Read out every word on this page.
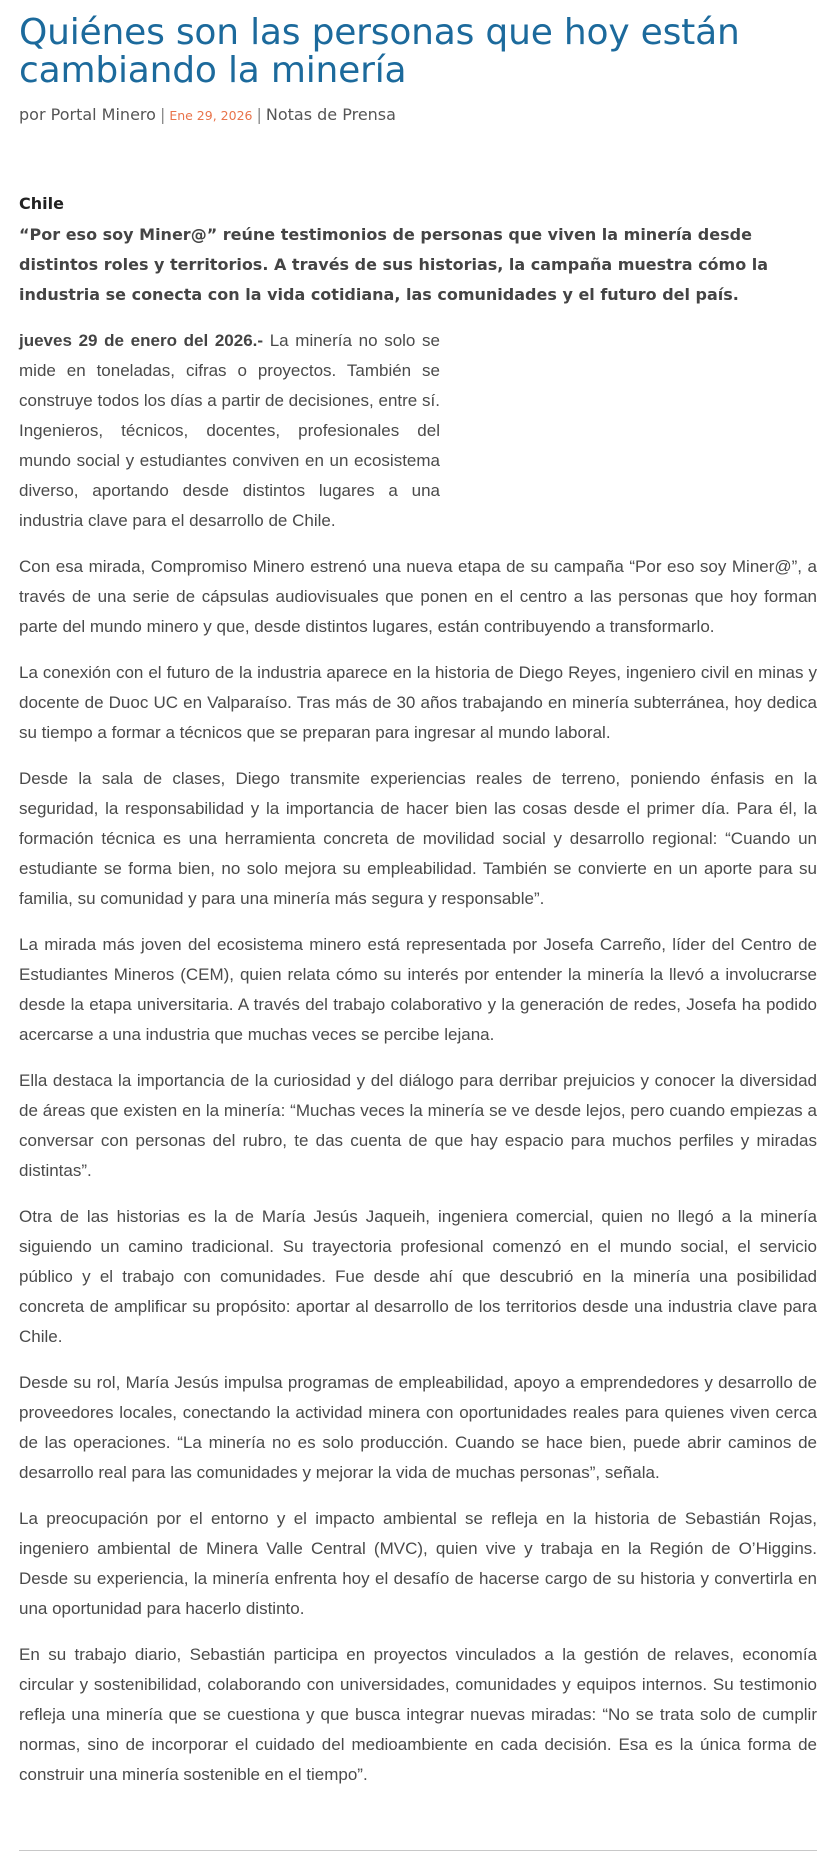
Quiénes son las personas que hoy están cambiando la minería
por Portal Minero | Ene 29, 2026 | Notas de Prensa
Chile
“Por eso soy Miner@” reúne testimonios de personas que viven la minería desde distintos roles y territorios. A través de sus historias, la campaña muestra cómo la industria se conecta con la vida cotidiana, las comunidades y el futuro del país.

jueves 29 de enero del 2026.- La minería no solo se mide en toneladas, cifras o proyectos. También se construye todos los días a partir de decisiones, entre sí. Ingenieros, técnicos, docentes, profesionales del mundo social y estudiantes conviven en un ecosistema diverso, aportando desde distintos lugares a una industria clave para el desarrollo de Chile.

Con esa mirada, Compromiso Minero estrenó una nueva etapa de su campaña “Por eso soy Miner@”, a través de una serie de cápsulas audiovisuales que ponen en el centro a las personas que hoy forman parte del mundo minero y que, desde distintos lugares, están contribuyendo a transformarlo.

La conexión con el futuro de la industria aparece en la historia de Diego Reyes, ingeniero civil en minas y docente de Duoc UC en Valparaíso. Tras más de 30 años trabajando en minería subterránea, hoy dedica su tiempo a formar a técnicos que se preparan para ingresar al mundo laboral.

Desde la sala de clases, Diego transmite experiencias reales de terreno, poniendo énfasis en la seguridad, la responsabilidad y la importancia de hacer bien las cosas desde el primer día. Para él, la formación técnica es una herramienta concreta de movilidad social y desarrollo regional: “Cuando un estudiante se forma bien, no solo mejora su empleabilidad. También se convierte en un aporte para su familia, su comunidad y para una minería más segura y responsable”.

La mirada más joven del ecosistema minero está representada por Josefa Carreño, líder del Centro de Estudiantes Mineros (CEM), quien relata cómo su interés por entender la minería la llevó a involucrarse desde la etapa universitaria. A través del trabajo colaborativo y la generación de redes, Josefa ha podido acercarse a una industria que muchas veces se percibe lejana.

Ella destaca la importancia de la curiosidad y del diálogo para derribar prejuicios y conocer la diversidad de áreas que existen en la minería: “Muchas veces la minería se ve desde lejos, pero cuando empiezas a conversar con personas del rubro, te das cuenta de que hay espacio para muchos perfiles y miradas distintas”.

Otra de las historias es la de María Jesús Jaqueih, ingeniera comercial, quien no llegó a la minería siguiendo un camino tradicional. Su trayectoria profesional comenzó en el mundo social, el servicio público y el trabajo con comunidades. Fue desde ahí que descubrió en la minería una posibilidad concreta de amplificar su propósito: aportar al desarrollo de los territorios desde una industria clave para Chile.

Desde su rol, María Jesús impulsa programas de empleabilidad, apoyo a emprendedores y desarrollo de proveedores locales, conectando la actividad minera con oportunidades reales para quienes viven cerca de las operaciones. “La minería no es solo producción. Cuando se hace bien, puede abrir caminos de desarrollo real para las comunidades y mejorar la vida de muchas personas”, señala.

La preocupación por el entorno y el impacto ambiental se refleja en la historia de Sebastián Rojas, ingeniero ambiental de Minera Valle Central (MVC), quien vive y trabaja en la Región de O’Higgins. Desde su experiencia, la minería enfrenta hoy el desafío de hacerse cargo de su historia y convertirla en una oportunidad para hacerlo distinto.

En su trabajo diario, Sebastián participa en proyectos vinculados a la gestión de relaves, economía circular y sostenibilidad, colaborando con universidades, comunidades y equipos internos. Su testimonio refleja una minería que se cuestiona y que busca integrar nuevas miradas: “No se trata solo de cumplir normas, sino de incorporar el cuidado del medioambiente en cada decisión. Esa es la única forma de construir una minería sostenible en el tiempo”.
